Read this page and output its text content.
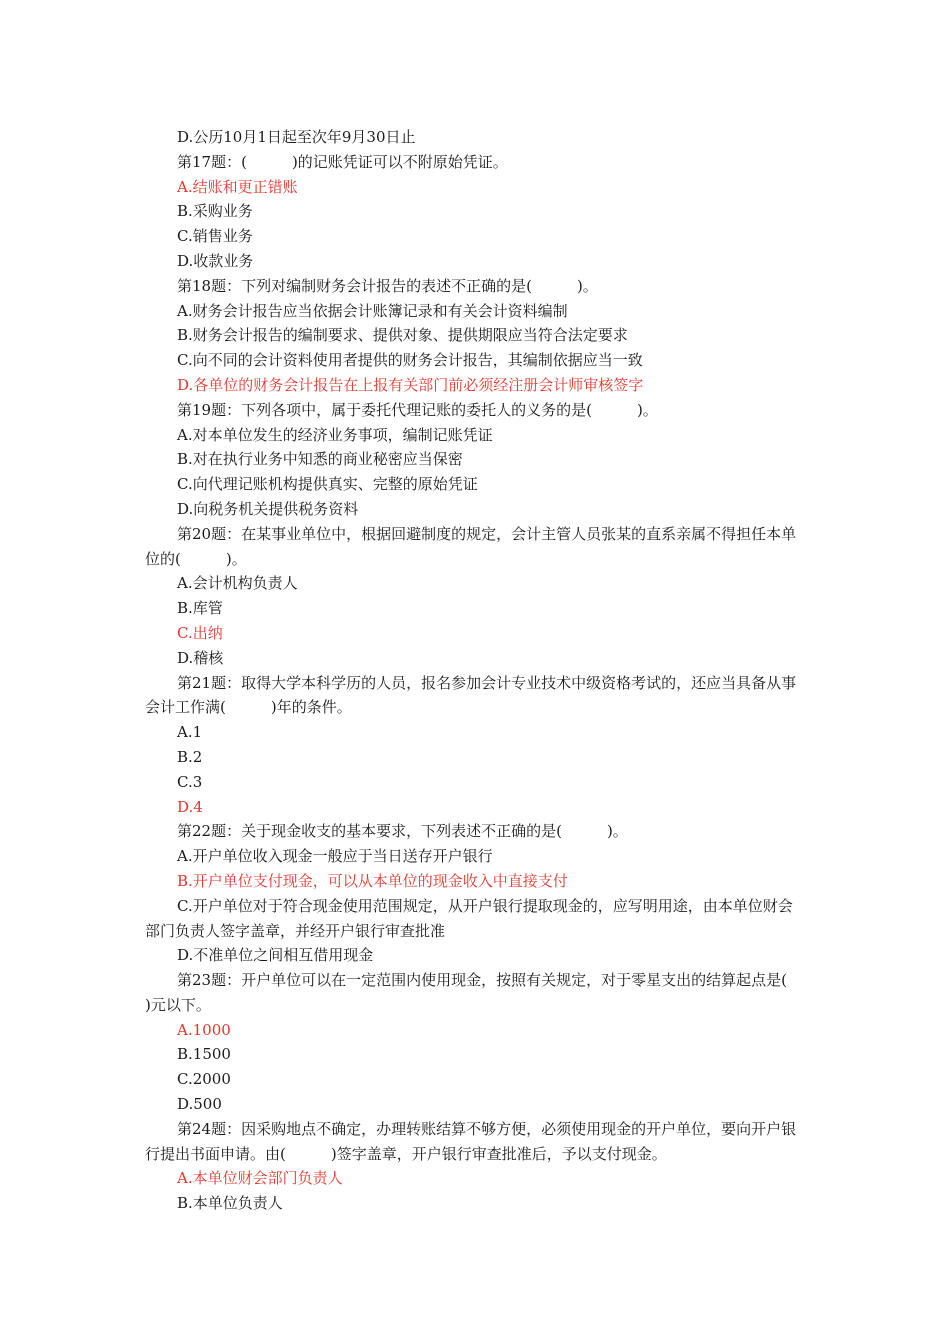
D.公历10月1日起至次年9月30日止

第17题：(　　　)的记账凭证可以不附原始凭证。

A.结账和更正错账

B.采购业务

C.销售业务

D.收款业务

第18题：下列对编制财务会计报告的表述不正确的是(　　　)。

A.财务会计报告应当依据会计账簿记录和有关会计资料编制

B.财务会计报告的编制要求、提供对象、提供期限应当符合法定要求

C.向不同的会计资料使用者提供的财务会计报告，其编制依据应当一致

D.各单位的财务会计报告在上报有关部门前必须经注册会计师审核签字

第19题：下列各项中，属于委托代理记账的委托人的义务的是(　　　)。

A.对本单位发生的经济业务事项，编制记账凭证

B.对在执行业务中知悉的商业秘密应当保密

C.向代理记账机构提供真实、完整的原始凭证

D.向税务机关提供税务资料

第20题：在某事业单位中，根据回避制度的规定，会计主管人员张某的直系亲属不得担任本单位的(　　　)。

A.会计机构负责人

B.库管

C.出纳

D.稽核

第21题：取得大学本科学历的人员，报名参加会计专业技术中级资格考试的，还应当具备从事会计工作满(　　　)年的条件。

A.1

B.2

C.3

D.4

第22题：关于现金收支的基本要求，下列表述不正确的是(　　　)。

A.开户单位收入现金一般应于当日送存开户银行

B.开户单位支付现金，可以从本单位的现金收入中直接支付

C.开户单位对于符合现金使用范围规定，从开户银行提取现金的，应写明用途，由本单位财会部门负责人签字盖章，并经开户银行审查批准

D.不准单位之间相互借用现金

第23题：开户单位可以在一定范围内使用现金，按照有关规定，对于零星支出的结算起点是(　　　)元以下。

A.1000

B.1500

C.2000

D.500

第24题：因采购地点不确定，办理转账结算不够方便，必须使用现金的开户单位，要向开户银行提出书面申请。由(　　　)签字盖章，开户银行审查批准后，予以支付现金。

A.本单位财会部门负责人

B.本单位负责人
